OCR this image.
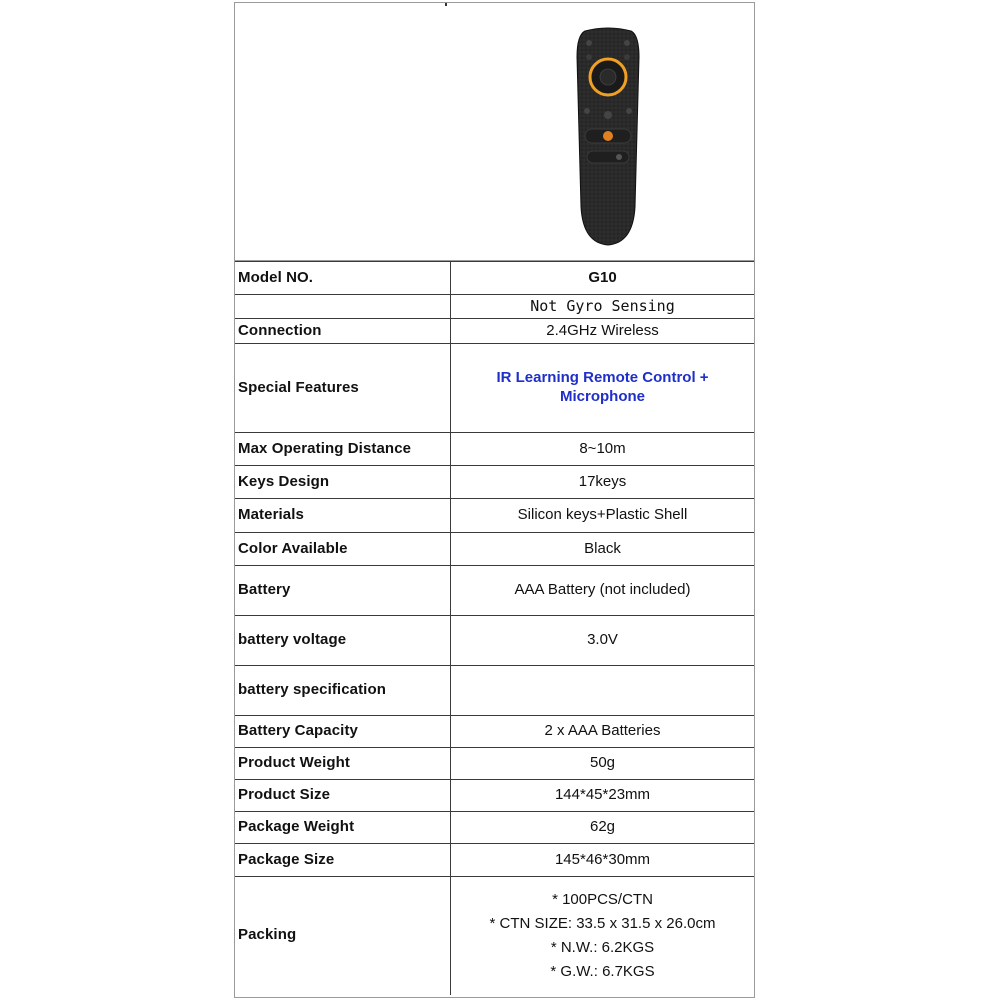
Model NO.	G10
	Not Gyro Sensing
Connection	2.4GHz Wireless
Special Features	IR Learning Remote Control +
Microphone

Max Operating Distance	8~10m
Keys Design	17keys
Materials	Silicon keys+Plastic Shell
Color Available	Black
Battery	AAA Battery (not included)
battery voltage	3.0V
battery specification	
Battery Capacity	2 x AAA Batteries
Product Weight	50g
Product Size	144*45*23mm
Package Weight	62g
Package Size	145*46*30mm
Packing	* 100PCS/CTN
* CTN SIZE: 33.5 x 31.5 x 26.0cm
* N.W.: 6.2KGS
* G.W.: 6.7KGS
